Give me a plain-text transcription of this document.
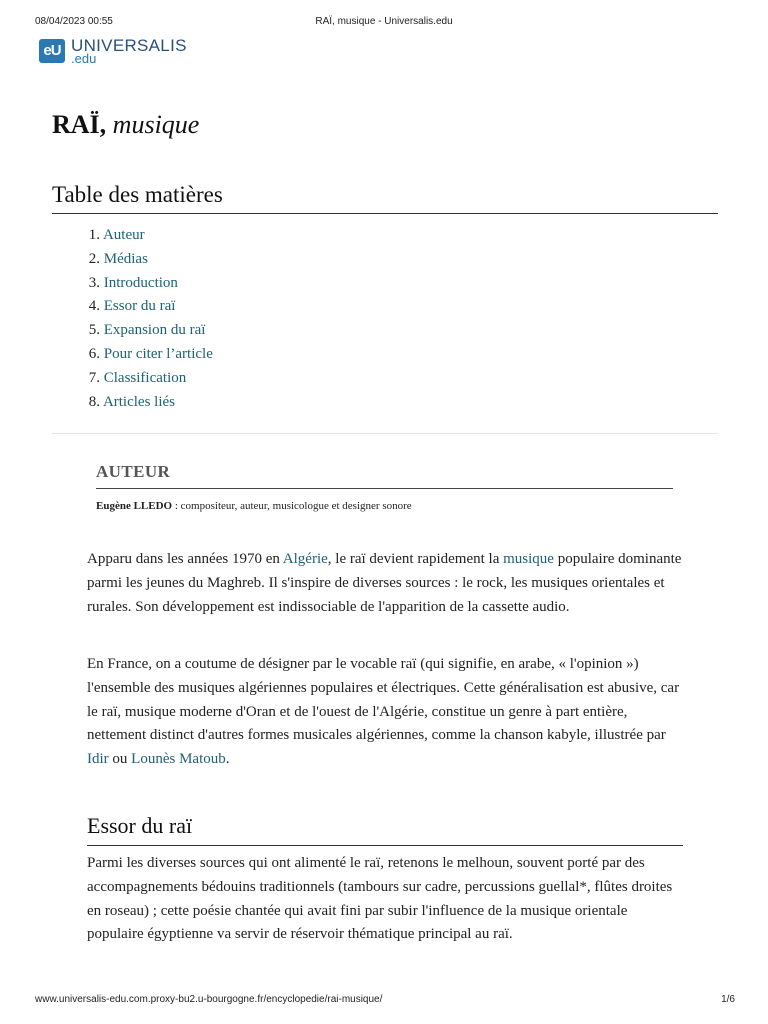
08/04/2023 00:55	RAÏ, musique - Universalis.edu
eU UNIVERSALIS
.edu
RAÏ, musique
Table des matières
1. Auteur
2. Médias
3. Introduction
4. Essor du raï
5. Expansion du raï
6. Pour citer l’article
7. Classification
8. Articles liés
AUTEUR
Eugène LLEDO : compositeur, auteur, musicologue et designer sonore

Apparu dans les années 1970 en Algérie, le raï devient rapidement la musique populaire dominante parmi les jeunes du Maghreb. Il s'inspire de diverses sources : le rock, les musiques orientales et rurales. Son développement est indissociable de l'apparition de la cassette audio.

En France, on a coutume de désigner par le vocable raï (qui signifie, en arabe, « l'opinion ») l'ensemble des musiques algériennes populaires et électriques. Cette généralisation est abusive, car le raï, musique moderne d'Oran et de l'ouest de l'Algérie, constitue un genre à part entière, nettement distinct d'autres formes musicales algériennes, comme la chanson kabyle, illustrée par Idir ou Lounès Matoub.

Essor du raï

Parmi les diverses sources qui ont alimenté le raï, retenons le melhoun, souvent porté par des accompagnements bédouins traditionnels (tambours sur cadre, percussions guellal*, flûtes droites en roseau) ; cette poésie chantée qui avait fini par subir l'influence de la musique orientale populaire égyptienne va servir de réservoir thématique principal au raï.

www.universalis-edu.com.proxy-bu2.u-bourgogne.fr/encyclopedie/rai-musique/	1/6
